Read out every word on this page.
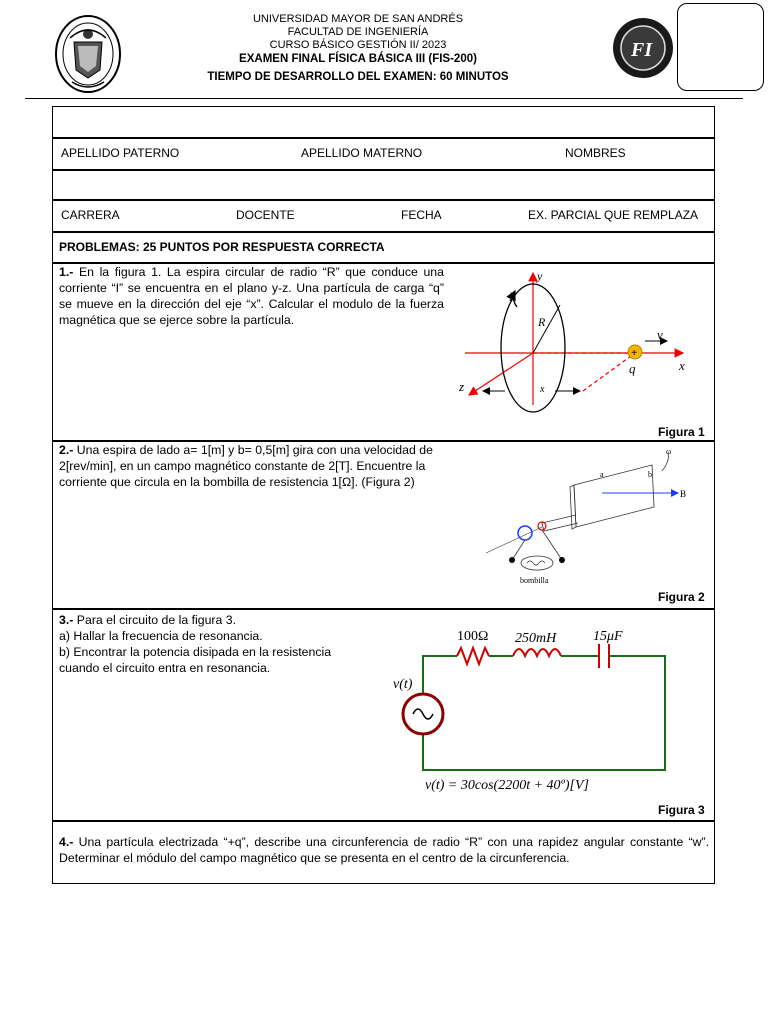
UNIVERSIDAD MAYOR DE SAN ANDRÉS
FACULTAD DE INGENIERÍA
CURSO BÁSICO GESTIÓN II/ 2023
EXAMEN FINAL FÍSICA BÁSICA III (FIS-200)
TIEMPO DE DESARROLLO DEL EXAMEN: 60 MINUTOS
FI
APELLIDO PATERNO	APELLIDO MATERNO	NOMBRES
CARRERA	DOCENTE	FECHA	EX. PARCIAL QUE REMPLAZA
PROBLEMAS: 25 PUNTOS POR RESPUESTA CORRECTA
1.- En la figura 1. La espira circular de radio “R” que conduce una corriente “I” se encuentra en el plano y-z. Una partícula de carga “q” se mueve en la dirección del eje “x”. Calcular el modulo de la fuerza magnética que se ejerce sobre la partícula.
+
y
x
z
I
R
q
v
x
Figura 1
2.- Una espira de lado a= 1[m] y b= 0,5[m] gira con una velocidad de 2[rev/min], en un campo magnético constante de 2[T]. Encuentre la corriente que circula en la bombilla de resistencia 1[Ω]. (Figura 2)
B
a	b
ω
bombilla
Figura 2
3.- Para el circuito de la figura 3.
a) Hallar la frecuencia de resonancia.
b) Encontrar la potencia disipada en la resistencia cuando el circuito entra en resonancia.
100Ω 250mH	15μF
v(t)
v(t) = 30cos(2200t + 40º)[V]
Figura 3
4.- Una partícula electrizada “+q”, describe una circunferencia de radio “R” con una rapidez angular constante “w”. Determinar el módulo del campo magnético que se presenta en el centro de la circunferencia.
